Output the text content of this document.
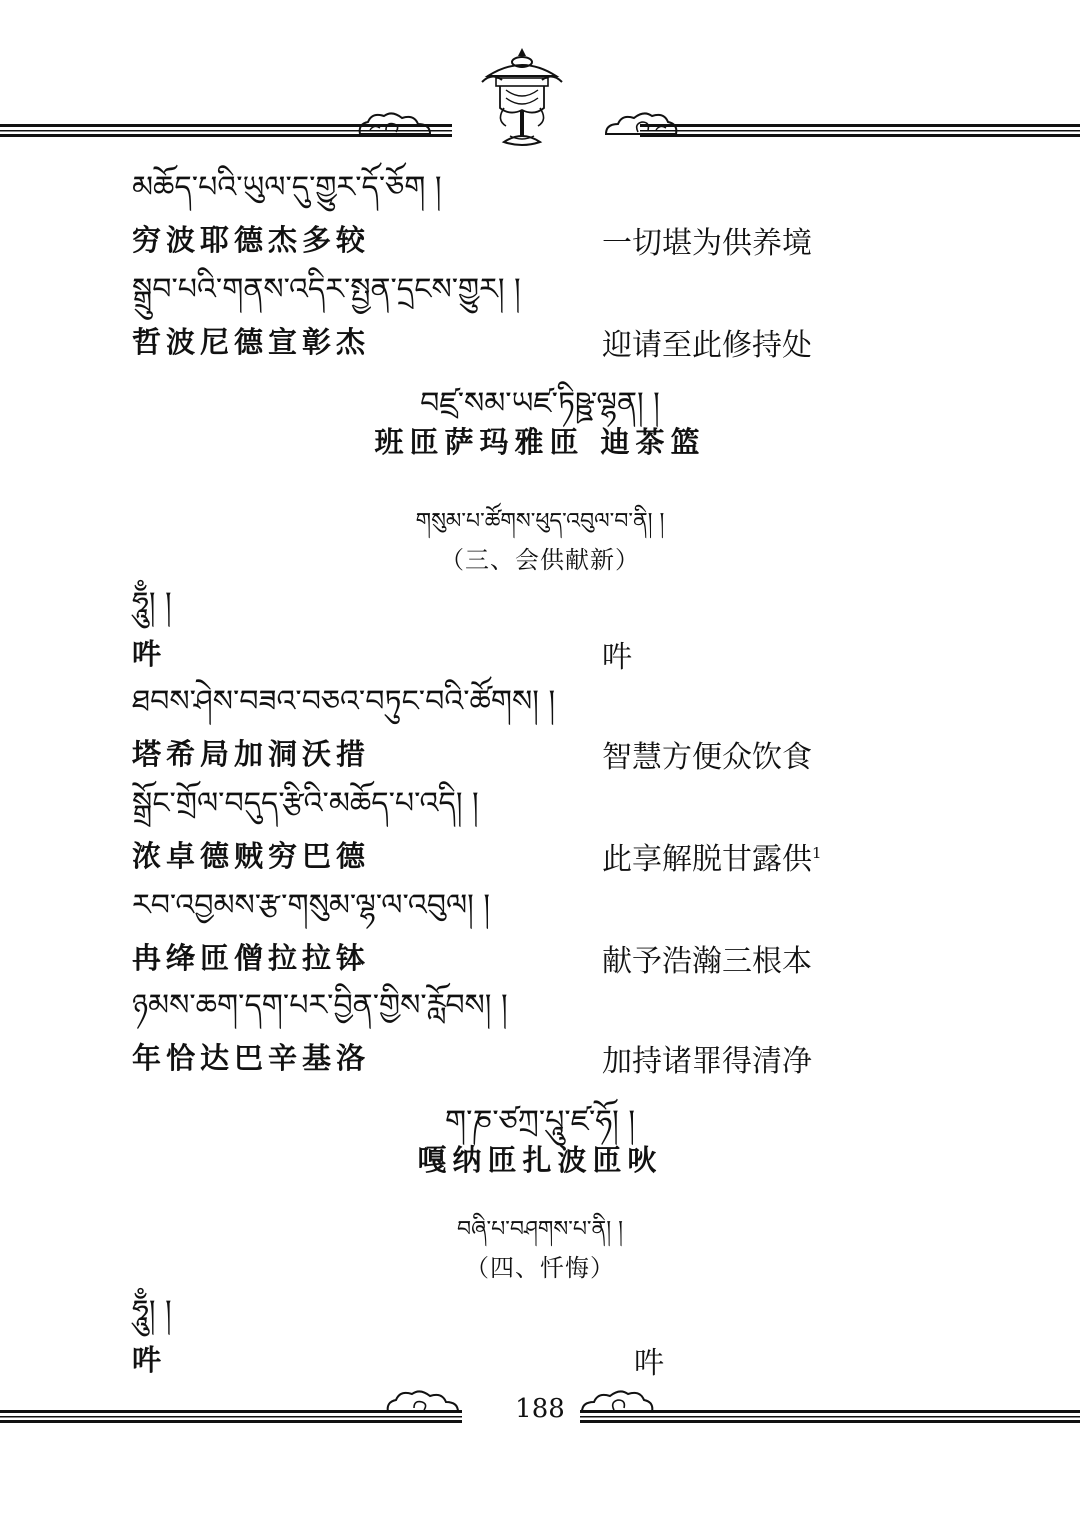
མཆོད་པའི་ཡུལ་དུ་གྱུར་དོ་ཅོག །
穷波耶德杰多较	一切堪为供养境
སྒྲུབ་པའི་གནས་འདིར་སྤྱན་དྲངས་གྱུར། །
哲波尼德宣彰杰	迎请至此修持处
བཛྲ་སམ་ཡཛ་ཏིཥྛ་ལྷན། །
班匝萨玛雅匝 迪茶篮
གསུམ་པ་ཚོགས་ཕུད་འབུལ་བ་ནི། །
（三、会供献新）
ཧཱུྃ། །
吽	吽
ཐབས་ཤེས་བཟའ་བཅའ་བཏུང་བའི་ཚོགས། །
塔希局加洞沃措	智慧方便众饮食
སྒྲོང་གྲོལ་བདུད་རྩིའི་མཆོད་པ་འདི། །
浓卓德贼穷巴德	此享解脱甘露供$^1$
རབ་འབྱམས་རྩ་གསུམ་ལྷ་ལ་འབུལ། །
冉绛匝僧拉拉钵	献予浩瀚三根本
ཉམས་ཆག་དག་པར་བྱིན་གྱིས་རློབས། །
年恰达巴辛基洛	加持诸罪得清净
ག་ཎ་ཙཀྲ་པཱུ་ཛ་ཧོ། །
嘎纳匝扎波匝吙
བཞི་པ་བཤགས་པ་ནི། །
（四、忏悔）
ཧཱུྃ། །
吽	吽
188
